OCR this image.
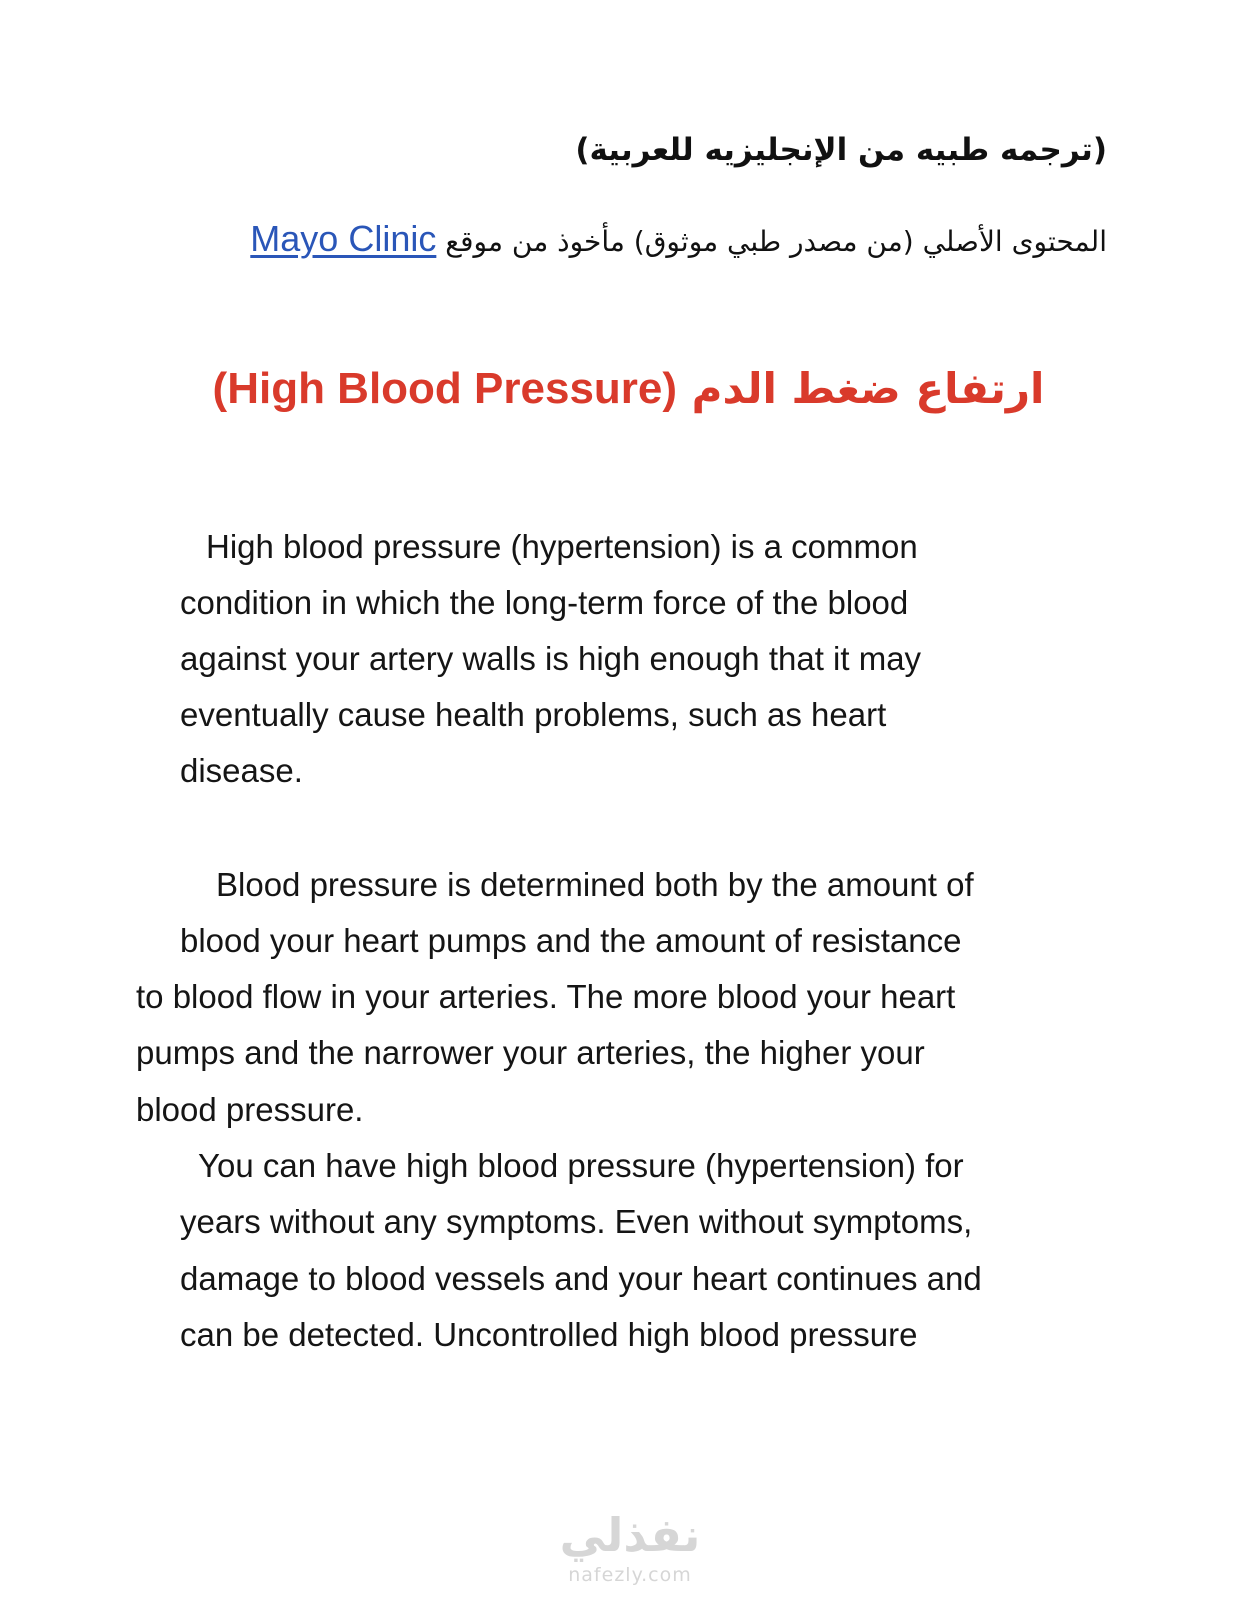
(ترجمه طبيه من الإنجليزيه للعربية)
المحتوى الأصلي (من مصدر طبي موثوق) مأخوذ من موقع Mayo Clinic
ارتفاع ضغط الدم (High Blood Pressure)
High blood pressure (hypertension) is a common
condition in which the long-term force of the blood
against your artery walls is high enough that it may
eventually cause health problems, such as heart
disease.
Blood pressure is determined both by the amount of
blood your heart pumps and the amount of resistance
to blood flow in your arteries. The more blood your heart
pumps and the narrower your arteries, the higher your
blood pressure.
You can have high blood pressure (hypertension) for
years without any symptoms. Even without symptoms,
damage to blood vessels and your heart continues and
can be detected. Uncontrolled high blood pressure
نفذلي
nafezly.com
